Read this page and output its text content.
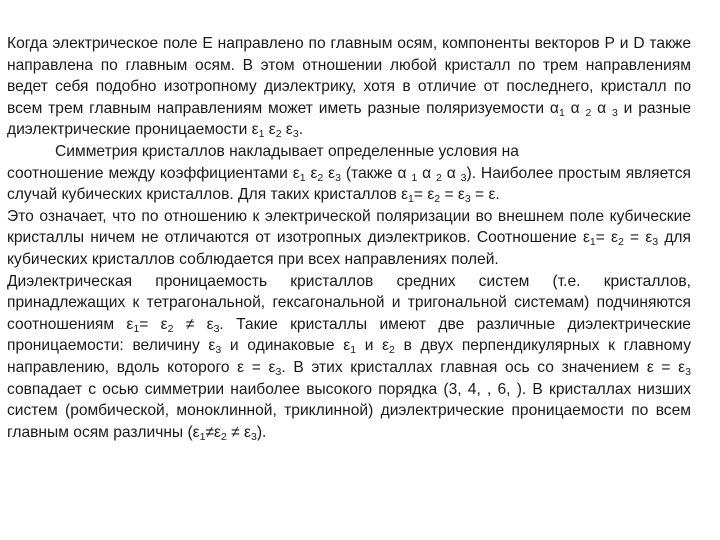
Когда электрическое поле Е направлено по главным осям, компоненты векторов Р и D также направлена по главным осям. В этом отношении любой кристалл по трем направлениям ведет себя подобно изотропному диэлектрику, хотя в отличие от последнего, кристалл по всем трем главным направлениям может иметь разные поляризуемости $\alpha_1$ α $_2$ α $_3$ и разные диэлектрические проницаемости $\varepsilon_1$ $\varepsilon_2$ $\varepsilon_3$.

Симметрия кристаллов накладывает определенные условия на

соотношение между коэффициентами $\varepsilon_1$ $\varepsilon_2$ $\varepsilon_3$ (также α $_1$ α $_2$ α $_3$). Наиболее простым является случай кубических кристаллов. Для таких кристаллов $\varepsilon_1= \varepsilon_2 = \varepsilon_3 = \varepsilon$.

Это означает, что по отношению к электрической поляризации во внешнем поле кубические кристаллы ничем не отличаются от изотропных диэлектриков. Соотношение $\varepsilon_1= \varepsilon_2 = \varepsilon_3$ для кубических кристаллов соблюдается при всех направлениях полей.

Диэлектрическая проницаемость кристаллов средних систем (т.е. кристаллов, принадлежащих к тетрагональной, гексагональной и тригональной системам) подчиняются соотношениям $\varepsilon_1= \varepsilon_2 \ne \varepsilon_3$. Такие кристаллы имеют две различные диэлектрические проницаемости: величину $\varepsilon_3$ и одинаковые $\varepsilon_1$ и $\varepsilon_2$ в двух перпендикулярных к главному направлению, вдоль которого $\varepsilon = \varepsilon_3$. В этих кристаллах главная ось со значением $\varepsilon = \varepsilon_3$ совпадает с осью симметрии наиболее высокого порядка (3, 4, , 6, ). В кристаллах низших систем (ромбической, моноклинной, триклинной) диэлектрические проницаемости по всем главным осям различны $(\varepsilon_1\ne\varepsilon_2 \ne \varepsilon_3)$.
